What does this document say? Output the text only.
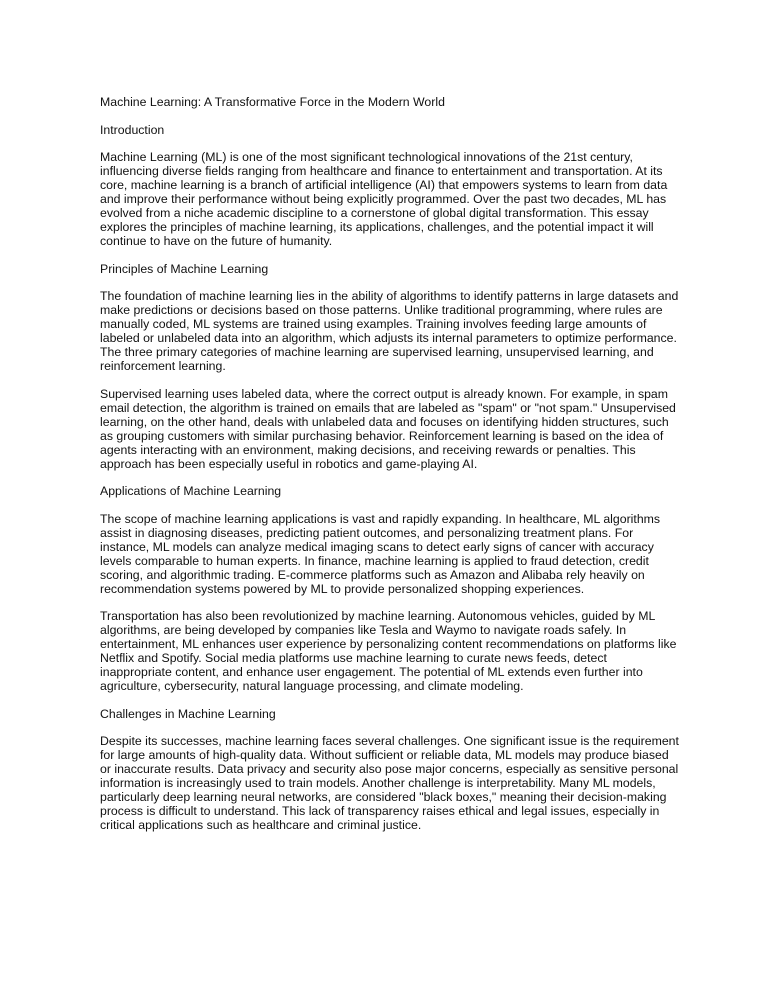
Machine Learning: A Transformative Force in the Modern World

Introduction

Machine Learning (ML) is one of the most significant technological innovations of the 21st century, influencing diverse fields ranging from healthcare and finance to entertainment and transportation. At its core, machine learning is a branch of artificial intelligence (AI) that empowers systems to learn from data and improve their performance without being explicitly programmed. Over the past two decades, ML has evolved from a niche academic discipline to a cornerstone of global digital transformation. This essay explores the principles of machine learning, its applications, challenges, and the potential impact it will continue to have on the future of humanity.

Principles of Machine Learning

The foundation of machine learning lies in the ability of algorithms to identify patterns in large datasets and make predictions or decisions based on those patterns. Unlike traditional programming, where rules are manually coded, ML systems are trained using examples. Training involves feeding large amounts of labeled or unlabeled data into an algorithm, which adjusts its internal parameters to optimize performance. The three primary categories of machine learning are supervised learning, unsupervised learning, and reinforcement learning.

Supervised learning uses labeled data, where the correct output is already known. For example, in spam email detection, the algorithm is trained on emails that are labeled as "spam" or "not spam." Unsupervised learning, on the other hand, deals with unlabeled data and focuses on identifying hidden structures, such as grouping customers with similar purchasing behavior. Reinforcement learning is based on the idea of agents interacting with an environment, making decisions, and receiving rewards or penalties. This approach has been especially useful in robotics and game-playing AI.

Applications of Machine Learning

The scope of machine learning applications is vast and rapidly expanding. In healthcare, ML algorithms assist in diagnosing diseases, predicting patient outcomes, and personalizing treatment plans. For instance, ML models can analyze medical imaging scans to detect early signs of cancer with accuracy levels comparable to human experts. In finance, machine learning is applied to fraud detection, credit scoring, and algorithmic trading. E-commerce platforms such as Amazon and Alibaba rely heavily on recommendation systems powered by ML to provide personalized shopping experiences.

Transportation has also been revolutionized by machine learning. Autonomous vehicles, guided by ML algorithms, are being developed by companies like Tesla and Waymo to navigate roads safely. In entertainment, ML enhances user experience by personalizing content recommendations on platforms like Netflix and Spotify. Social media platforms use machine learning to curate news feeds, detect inappropriate content, and enhance user engagement. The potential of ML extends even further into agriculture, cybersecurity, natural language processing, and climate modeling.

Challenges in Machine Learning

Despite its successes, machine learning faces several challenges. One significant issue is the requirement for large amounts of high-quality data. Without sufficient or reliable data, ML models may produce biased or inaccurate results. Data privacy and security also pose major concerns, especially as sensitive personal information is increasingly used to train models. Another challenge is interpretability. Many ML models, particularly deep learning neural networks, are considered "black boxes," meaning their decision-making process is difficult to understand. This lack of transparency raises ethical and legal issues, especially in critical applications such as healthcare and criminal justice.
